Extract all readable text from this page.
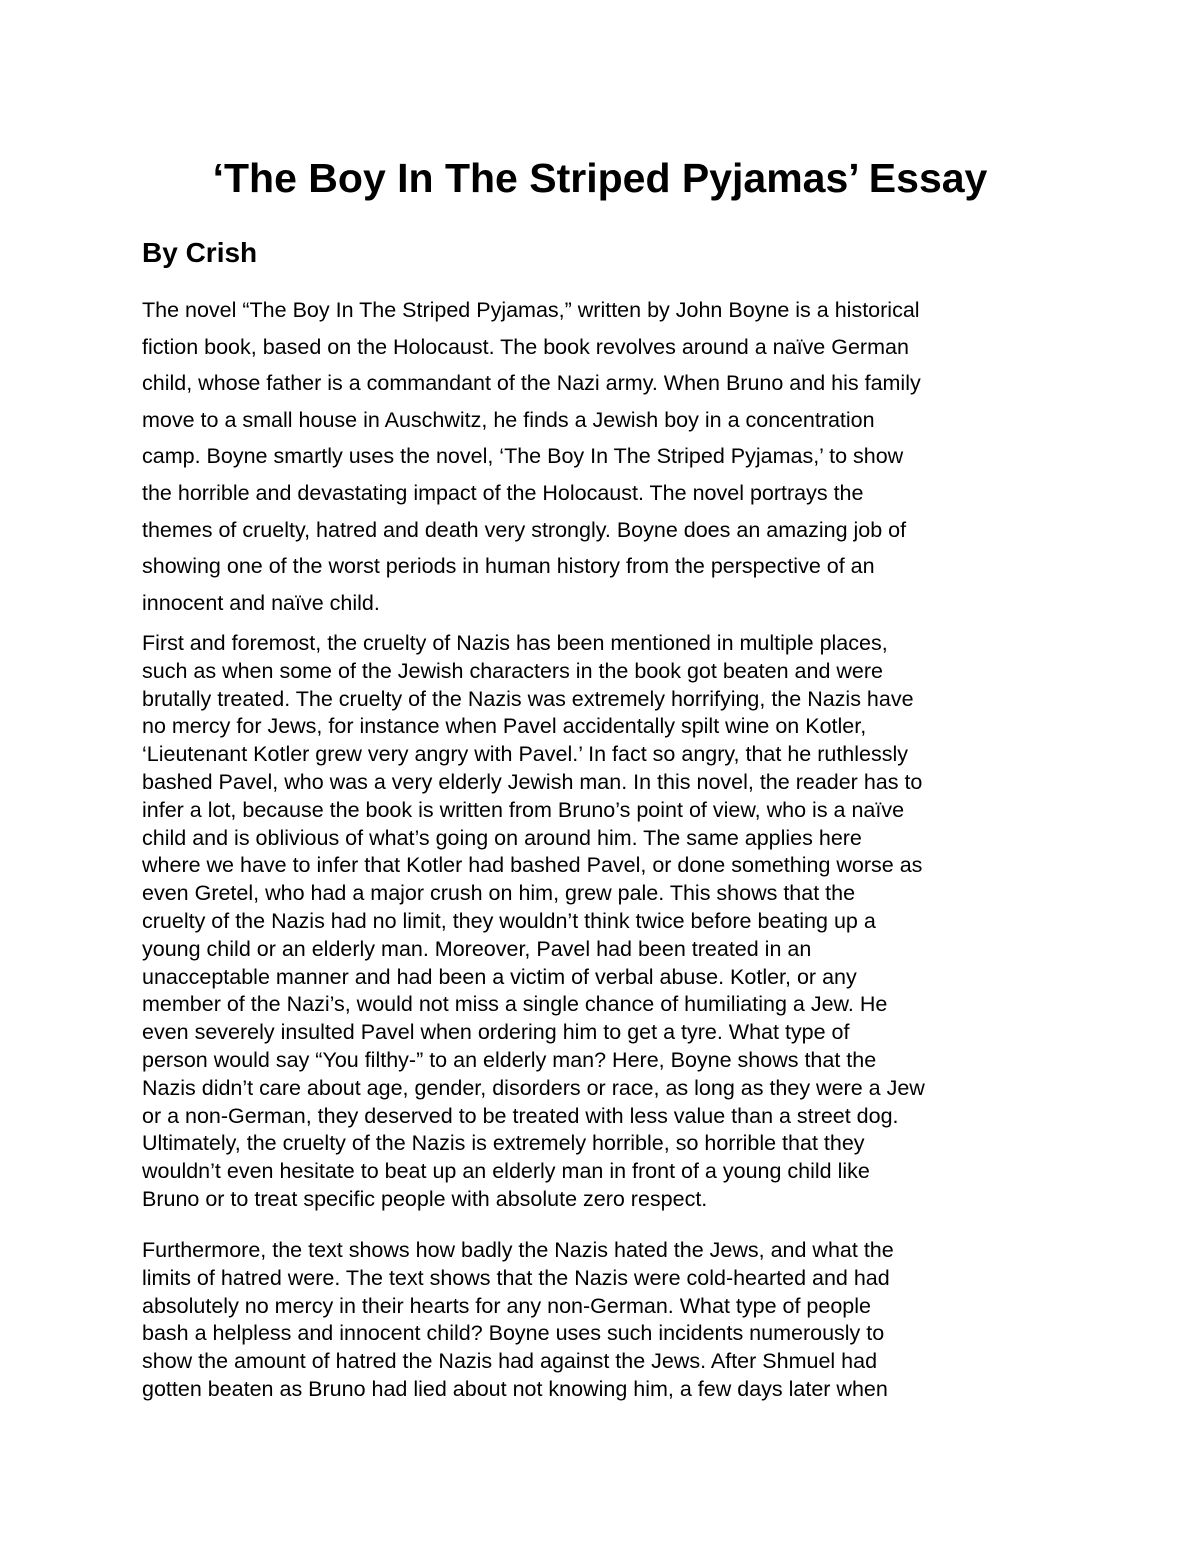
‘The Boy In The Striped Pyjamas’ Essay
By Crish
The novel “The Boy In The Striped Pyjamas,” written by John Boyne is a historical
fiction book, based on the Holocaust. The book revolves around a naïve German
child, whose father is a commandant of the Nazi army. When Bruno and his family
move to a small house in Auschwitz, he finds a Jewish boy in a concentration
camp. Boyne smartly uses the novel, ‘The Boy In The Striped Pyjamas,’ to show
the horrible and devastating impact of the Holocaust. The novel portrays the
themes of cruelty, hatred and death very strongly. Boyne does an amazing job of
showing one of the worst periods in human history from the perspective of an
innocent and naïve child.
First and foremost, the cruelty of Nazis has been mentioned in multiple places,
such as when some of the Jewish characters in the book got beaten and were
brutally treated. The cruelty of the Nazis was extremely horrifying, the Nazis have
no mercy for Jews, for instance when Pavel accidentally spilt wine on Kotler,
‘Lieutenant Kotler grew very angry with Pavel.’ In fact so angry, that he ruthlessly
bashed Pavel, who was a very elderly Jewish man. In this novel, the reader has to
infer a lot, because the book is written from Bruno’s point of view, who is a naïve
child and is oblivious of what’s going on around him. The same applies here
where we have to infer that Kotler had bashed Pavel, or done something worse as
even Gretel, who had a major crush on him, grew pale. This shows that the
cruelty of the Nazis had no limit, they wouldn’t think twice before beating up a
young child or an elderly man. Moreover, Pavel had been treated in an
unacceptable manner and had been a victim of verbal abuse. Kotler, or any
member of the Nazi’s, would not miss a single chance of humiliating a Jew. He
even severely insulted Pavel when ordering him to get a tyre. What type of
person would say “You filthy-” to an elderly man? Here, Boyne shows that the
Nazis didn’t care about age, gender, disorders or race, as long as they were a Jew
or a non-German, they deserved to be treated with less value than a street dog.
Ultimately, the cruelty of the Nazis is extremely horrible, so horrible that they
wouldn’t even hesitate to beat up an elderly man in front of a young child like
Bruno or to treat specific people with absolute zero respect.
Furthermore, the text shows how badly the Nazis hated the Jews, and what the
limits of hatred were. The text shows that the Nazis were cold-hearted and had
absolutely no mercy in their hearts for any non-German. What type of people
bash a helpless and innocent child? Boyne uses such incidents numerously to
show the amount of hatred the Nazis had against the Jews. After Shmuel had
gotten beaten as Bruno had lied about not knowing him, a few days later when
